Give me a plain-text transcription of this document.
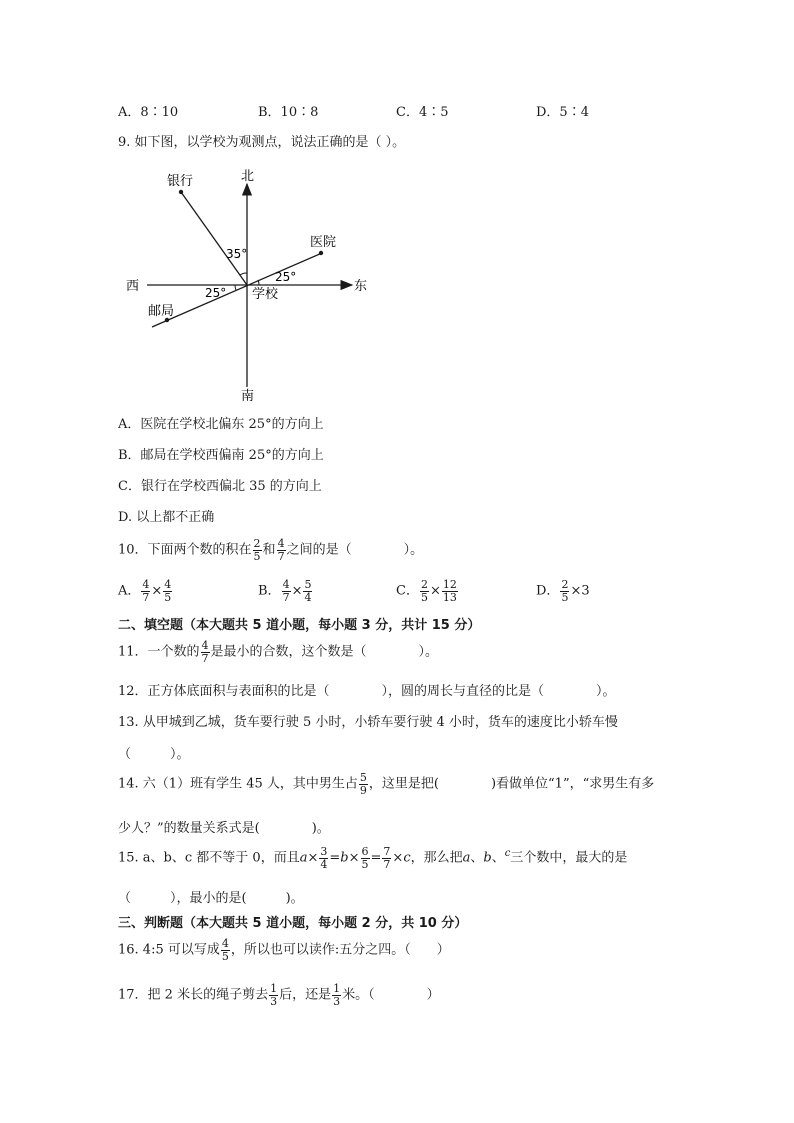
A．8∶10	B．10∶8	C．4∶5	D．5∶4
9. 如下图，以学校为观测点，说法正确的是（ ）。
北
南
西	东
银行
医院
邮局
学校
35°
25°
25°
A．医院在学校北偏东 25°的方向上
B．邮局在学校西偏南 25°的方向上
C．银行在学校西偏北 35 的方向上
D. 以上都不正确
10．下面两个数的积在 $\frac{2}{5}$ 和 $\frac{4}{7}$ 之间的是（　　　　）。
A． $\frac{4}{7} \times \frac{4}{5}$	B． $\frac{4}{7} \times \frac{5}{4}$	C． $\frac{2}{5} \times \frac{12}{13}$	D． $\frac{2}{5} \times 3$
二、填空题（本大题共 5 道小题，每小题 3 分，共计 15 分）
11．一个数的 $\frac{4}{7}$ 是最小的合数，这个数是（　　　　）。
12．正方体底面积与表面积的比是（　　　　），圆的周长与直径的比是（　　　　）。
13. 从甲城到乙城，货车要行驶 5 小时，小轿车要行驶 4 小时，货车的速度比小轿车慢
（　　　）。
14. 六（1）班有学生 45 人，其中男生占 $\frac{5}{9}$ ，这里是把(　　　　)看做单位“1”，“求男生有多
少人？”的数量关系式是(　　　　)。
15. a、b、c 都不等于 0，而且$a\times \frac{3}{4} =b\times \frac{6}{5} = \frac{7}{7} \times c$，那么把a、b、$^c$三个数中，最大的是
（　　　），最小的是(　　　)。
三、判断题（本大题共 5 道小题，每小题 2 分，共 10 分）
16. 4:5 可以写成 $\frac{4}{5}$ ，所以也可以读作:五分之四。（　　）
17．把 2 米长的绳子剪去 $\frac{1}{3}$ 后，还是 $\frac{1}{3}$ 米。（　　　　）
